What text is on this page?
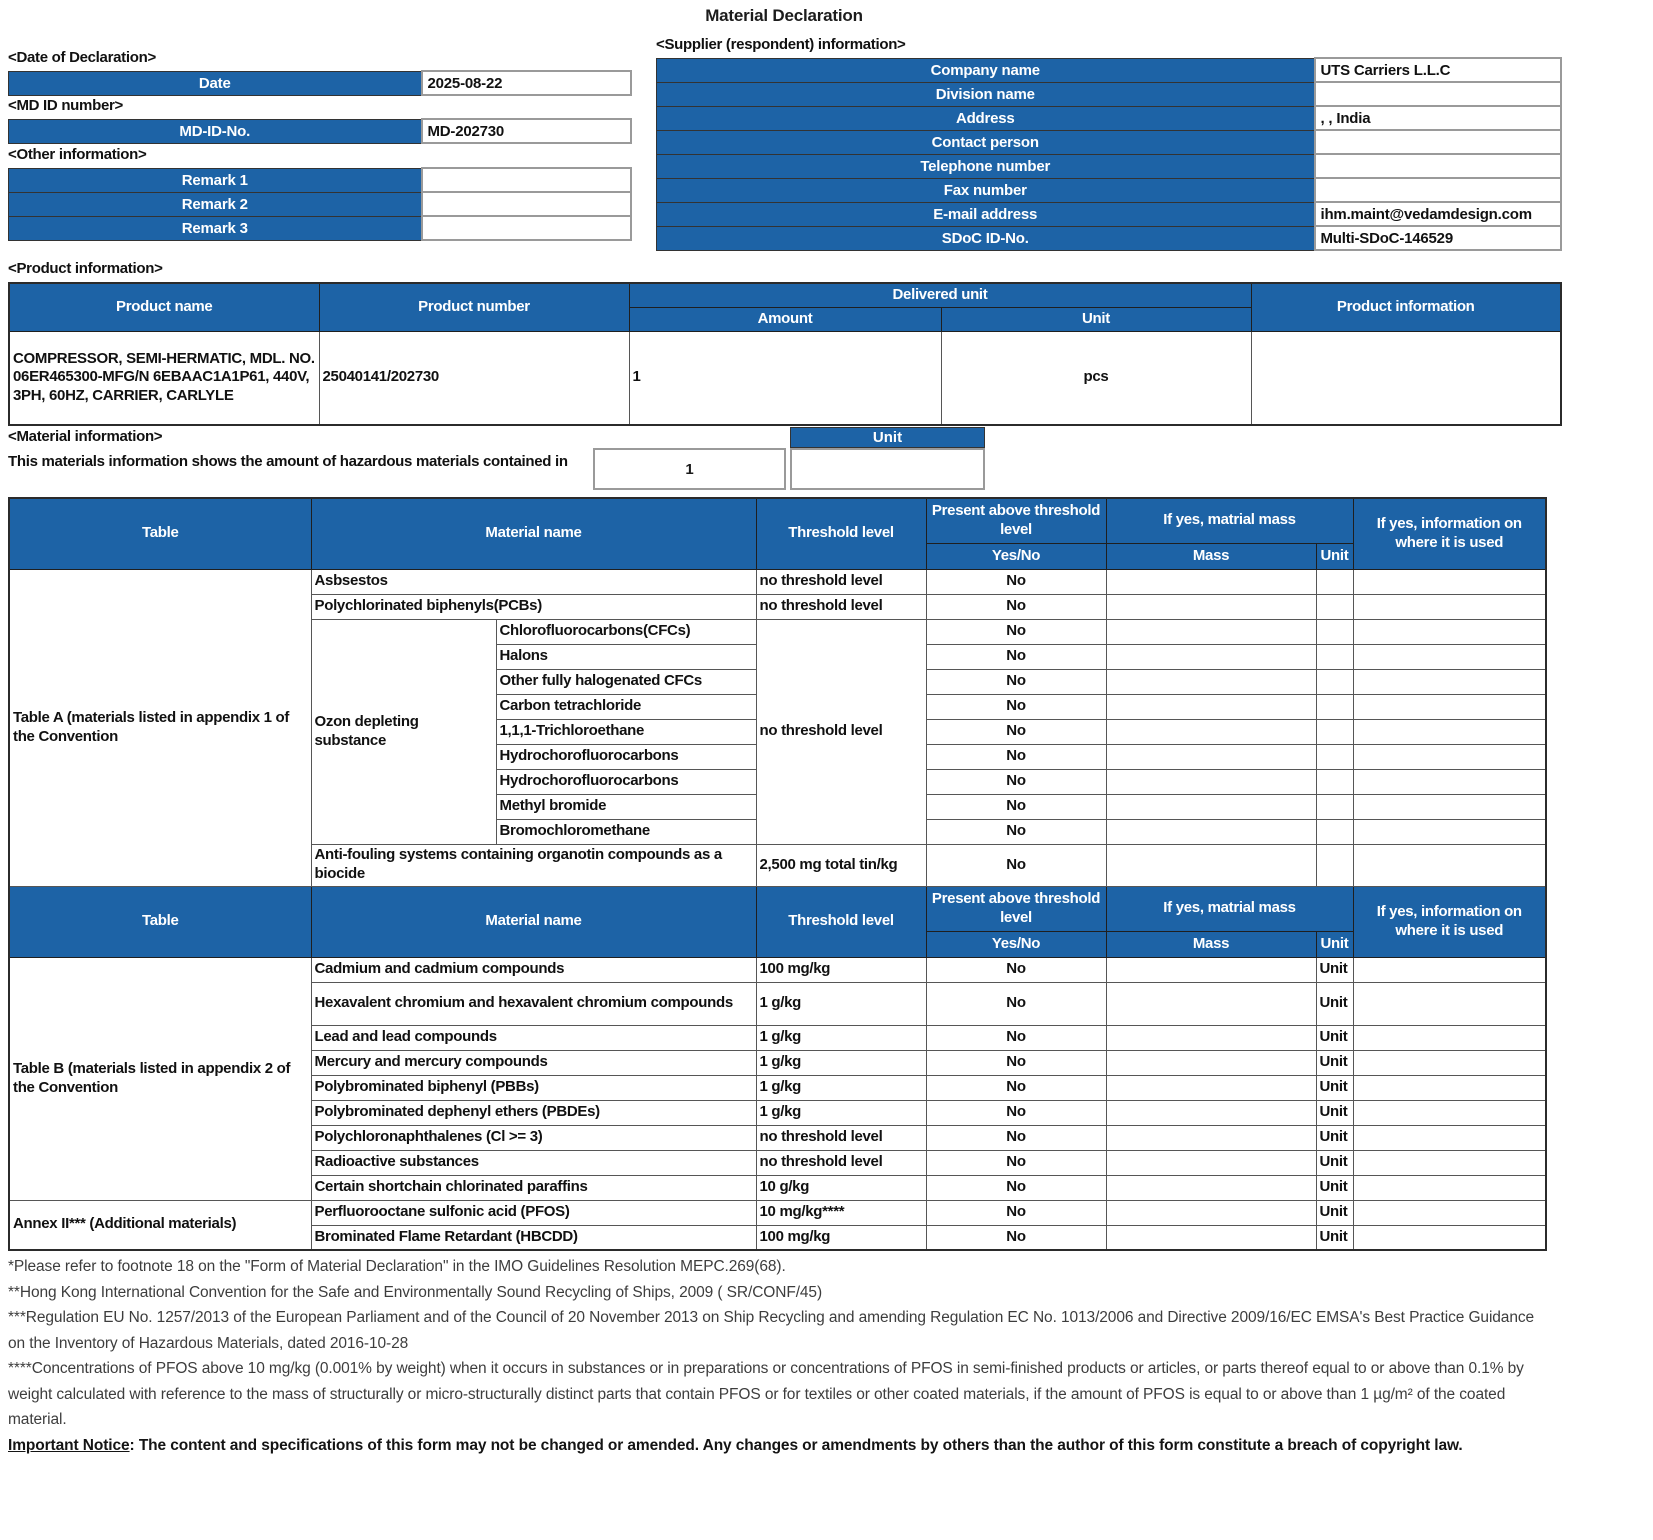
Material Declaration
<Supplier (respondent) information>
<Date of Declaration>
Date	2025-08-22
<MD ID number>
MD-ID-No.	MD-202730
<Other information>
Remark 1	
Remark 2	
Remark 3	
Company name	UTS Carriers L.L.C
Division name	
Address	, , India
Contact person	
Telephone number	
Fax number	
E-mail address	ihm.maint@vedamdesign.com
SDoC ID-No.	Multi-SDoC-146529
<Product information>
Product name	Product number	Delivered unit		Product information
		Amount	Unit	
COMPRESSOR, SEMI-HERMATIC, MDL. NO. 06ER465300-MFG/N 6EBAAC1A1P61, 440V, 3PH, 60HZ, CARRIER, CARLYLE	25040141/202730	1	pcs	
<Material information>
This materials information shows the amount of hazardous materials contained in	1
Unit
Table	Material name		Threshold level	Present above threshold level	If yes, matrial mass		If yes, information on where it is used
				Yes/No	Mass	Unit	
Table A (materials listed in appendix 1 of the Convention	Asbsestos		no threshold level	No			
	Polychlorinated biphenyls(PCBs)		no threshold level	No			
	Ozon depleting substance	Chlorofluorocarbons(CFCs)	no threshold level	No			
		Halons		No			
		Other fully halogenated CFCs		No			
		Carbon tetrachloride		No			
		1,1,1-Trichloroethane		No			
		Hydrochorofluorocarbons		No			
		Hydrochorofluorocarbons		No			
		Methyl bromide		No			
		Bromochloromethane		No			
	Anti-fouling systems containing organotin compounds as a biocide		2,500 mg total tin/kg	No			
Table	Material name		Threshold level	Present above threshold level	If yes, matrial mass		If yes, information on where it is used
				Yes/No	Mass	Unit	
Table B (materials listed in appendix 2 of the Convention	Cadmium and cadmium compounds		100 mg/kg	No		Unit	
	Hexavalent chromium and hexavalent chromium compounds		1 g/kg	No		Unit	
	Lead and lead compounds		1 g/kg	No		Unit	
	Mercury and mercury compounds		1 g/kg	No		Unit	
	Polybrominated biphenyl (PBBs)		1 g/kg	No		Unit	
	Polybrominated dephenyl ethers (PBDEs)		1 g/kg	No		Unit	
	Polychloronaphthalenes (Cl >= 3)		no threshold level	No		Unit	
	Radioactive substances		no threshold level	No		Unit	
	Certain shortchain chlorinated paraffins		10 g/kg	No		Unit	
Annex II*** (Additional materials)	Perfluorooctane sulfonic acid (PFOS)		10 mg/kg****	No		Unit	
	Brominated Flame Retardant (HBCDD)		100 mg/kg	No		Unit	

*Please refer to footnote 18 on the "Form of Material Declaration" in the IMO Guidelines Resolution MEPC.269(68).

**Hong Kong International Convention for the Safe and Environmentally Sound Recycling of Ships, 2009 ( SR/CONF/45)

***Regulation EU No. 1257/2013 of the European Parliament and of the Council of 20 November 2013 on Ship Recycling and amending Regulation EC No. 1013/2006 and Directive 2009/16/EC EMSA's Best Practice Guidance on the Inventory of Hazardous Materials, dated 2016-10-28

****Concentrations of PFOS above 10 mg/kg (0.001% by weight) when it occurs in substances or in preparations or concentrations of PFOS in semi-finished products or articles, or parts thereof equal to or above than 0.1% by weight calculated with reference to the mass of structurally or micro-structurally distinct parts that contain PFOS or for textiles or other coated materials, if the amount of PFOS is equal to or above than 1 µg/m² of the coated material.

Important Notice: The content and specifications of this form may not be changed or amended. Any changes or amendments by others than the author of this form constitute a breach of copyright law.
